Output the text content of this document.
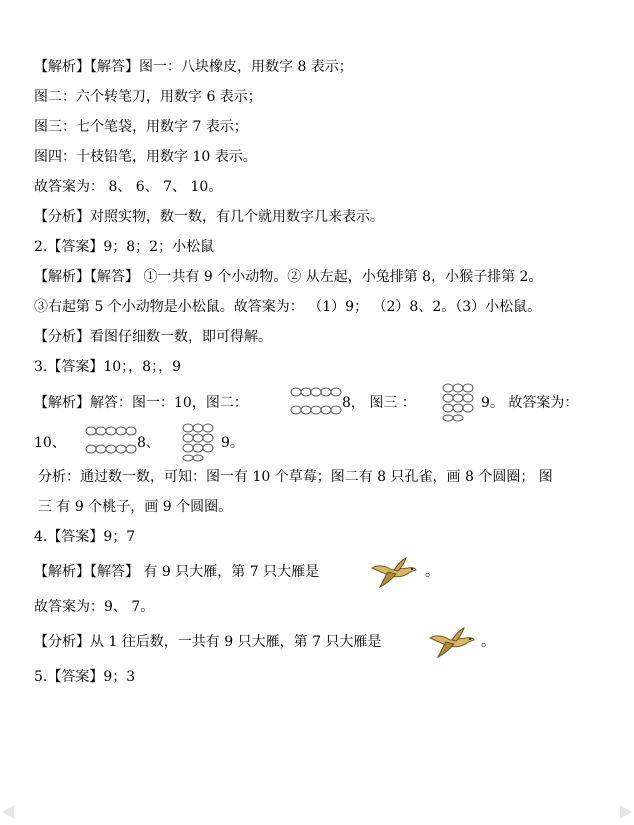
【解析】【解答】图一：八块橡皮，用数字 8 表示；
图二：六个转笔刀，用数字 6 表示；
图三：七个笔袋，用数字 7 表示；
图四：十枝铅笔，用数字 10 表示。
故答案为： 8、 6、 7、 10。
【分析】对照实物，数一数，有几个就用数字几来表示。
2.【答案】9；8；2；小松鼠
【解析】【解答】 ①一共有 9 个小动物。② 从左起，小兔排第 8，小猴子排第 2。
③右起第 5 个小动物是小松鼠。故答案为： （1）9； （2）8、2。（3）小松鼠。
【分析】看图仔细数一数，即可得解。
3.【答案】10；，8；，9
【解析】解答：图一：10，图二：	8， 图三 ：	9。 故答案为：
10、	8、	9。
分析：通过数一数，可知：图一有 10 个草莓；图二有 8 只孔雀，画 8 个圆圈； 图
三 有 9 个桃子，画 9 个圆圈。
4.【答案】9；7
【解析】【解答】 有 9 只大雁，第 7 只大雁是	。
故答案为：9、 7。
【分析】从 1 往后数，一共有 9 只大雁，第 7 只大雁是	。
5.【答案】9；3
